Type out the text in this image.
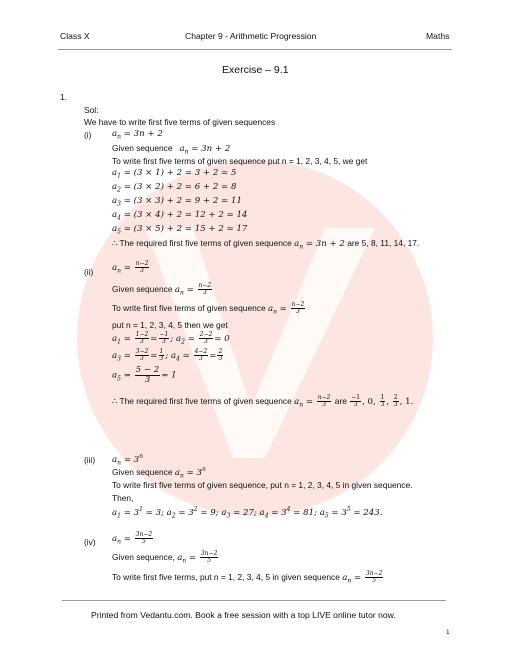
Class X	Chapter 9 - Arithmetic Progression	Maths
Exercise – 9.1
1.
Sol:
We have to write first five terms of given sequences
(i) $a_n = 3n + 2$
Given sequence $a_n = 3n + 2$
To write first five terms of given sequence put n = 1, 2, 3, 4, 5, we get
$a_1 = (3 \times 1) + 2 = 3 + 2 = 5$
$a_2 = (3 \times 2) + 2 = 6 + 2 = 8$
$a_3 = (3 \times 3) + 2 = 9 + 2 = 11$
$a_4 = (3 \times 4) + 2 = 12 + 2 = 14$
$a_5 = (3 \times 5) + 2 = 15 + 2 = 17$
∴ The required first five terms of given sequence $a_n = 3n + 2$ are 5, 8, 11, 14, 17.
(ii) $a_n = \frac{n-2}{3}$
Given sequence $a_n = \frac{n-2}{3}$
To write first five terms of given sequence $a_n = \frac{n-2}{3}$
put n = 1, 2, 3, 4, 5 then we get
$a_1 = \frac{1-2}{3} = \frac{-1}{3}$ ; $a_2 = \frac{2-2}{3} = 0$
$a_3 = \frac{3-2}{3} = \frac{1}{3}$ ; $a_4 = \frac{4-2}{3} = \frac{2}{3}$
$a_5 = \frac{5 - 2}{3} = 1$
∴ The required first five terms of given sequence $a_n = \frac{n-2}{3}$ are $\frac{-1}{3}$ , 0, $\frac{1}{3}$ , $\frac{2}{3}$ , 1.
(iii) $a_n = 3^n$
Given sequence $a_n = 3^n$
To write first five terms of given sequence, put n = 1, 2, 3, 4, 5 in given sequence.
Then,
$a_1 = 3^1 = 3$; $a_2 = 3^2 = 9$; $a_3 = 27$; $a_4 = 3^4 = 81$; $a_5 = 3^5 = 243$.
(iv) $a_n = \frac{3n-2}{5}$
Given sequence, $a_n = \frac{3n-2}{5}$
To write first five terms, put n = 1, 2, 3, 4, 5 in given sequence $a_n = \frac{3n-2}{5}$
Printed from Vedantu.com. Book a free session with a top LIVE online tutor now.
1
